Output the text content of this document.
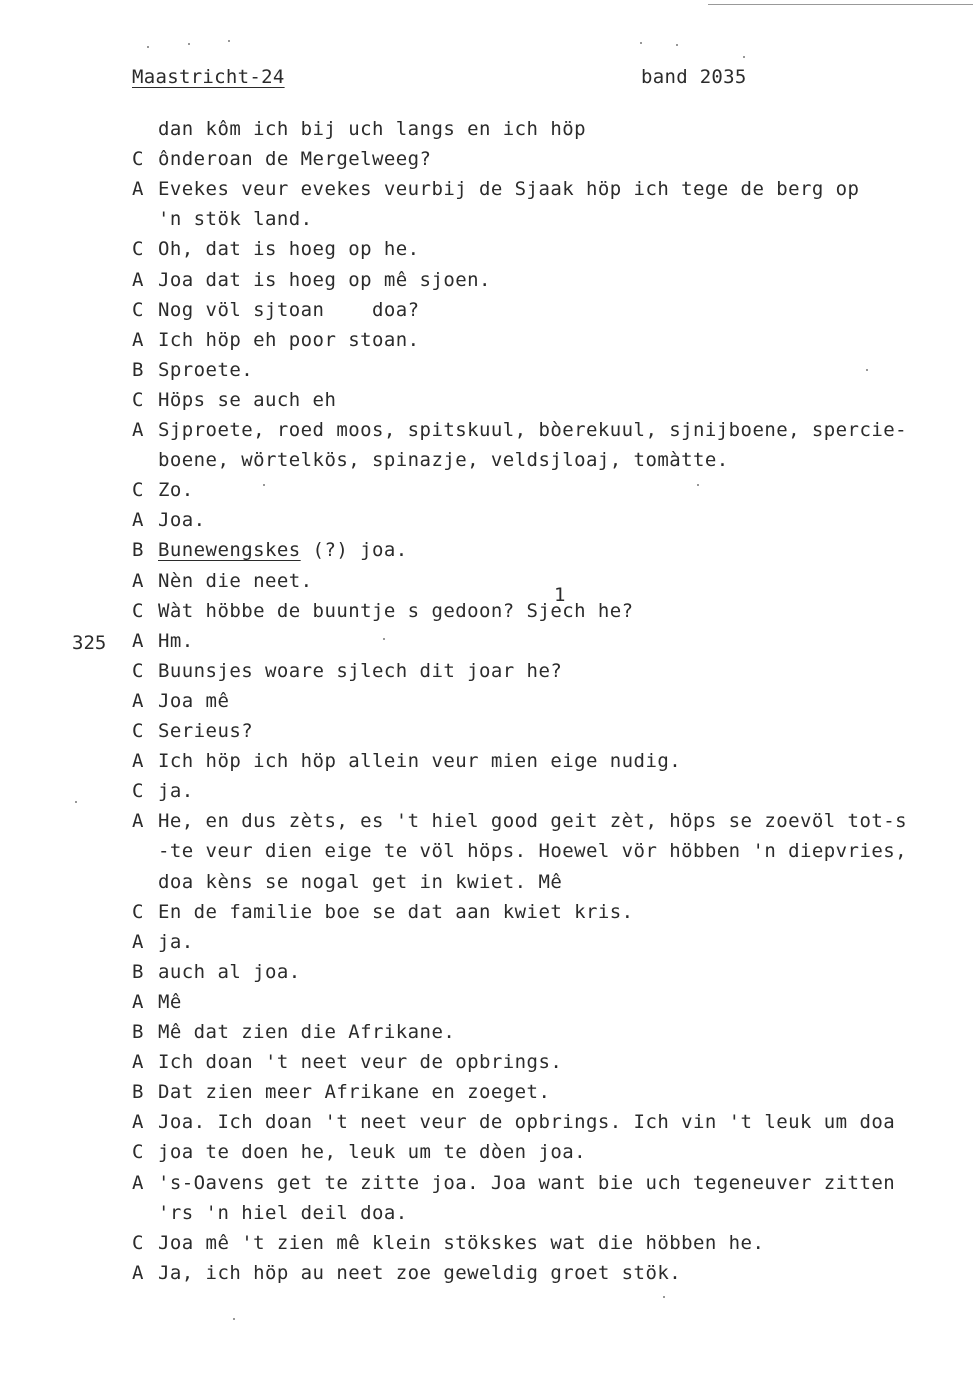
Maastricht-24	band 2035
1
325
dan kôm ich bij uch langs en ich höp
C ônderoan de Mergelweeg?
A Evekes veur evekes veurbij de Sjaak höp ich tege de berg op
'n stök land.
C Oh, dat is hoeg op he.
A Joa dat is hoeg op mê sjoen.
C Nog völ sjtoan    doa?
A Ich höp eh poor stoan.
B Sproete.
C Höps se auch eh
A Sjproete, roed moos, spitskuul, bòerekuul, sjnijboene, spercie-
boene, wörtelkös, spinazje, veldsjloaj, tomàtte.
C Zo.
A Joa.
B Bunewengskes (?) joa.
A Nèn die neet.
C Wàt höbbe de buuntje s gedoon? Sjech he?
A Hm.
C Buunsjes woare sjlech dit joar he?
A Joa mê
C Serieus?
A Ich höp ich höp allein veur mien eige nudig.
C ja.
A He, en dus zèts, es 't hiel good geit zèt, höps se zoevöl tot-s
-te veur dien eige te völ höps. Hoewel vör höbben 'n diepvries,
doa kèns se nogal get in kwiet. Mê
C En de familie boe se dat aan kwiet kris.
A ja.
B auch al joa.
A Mê
B Mê dat zien die Afrikane.
A Ich doan 't neet veur de opbrings.
B Dat zien meer Afrikane en zoeget.
A Joa. Ich doan 't neet veur de opbrings. Ich vin 't leuk um doa
C joa te doen he, leuk um te dòen joa.
A 's-Oavens get te zitte joa. Joa want bie uch tegeneuver zitten
'rs 'n hiel deil doa.
C Joa mê 't zien mê klein stökskes wat die höbben he.
A Ja, ich höp au neet zoe geweldig groet stök.
